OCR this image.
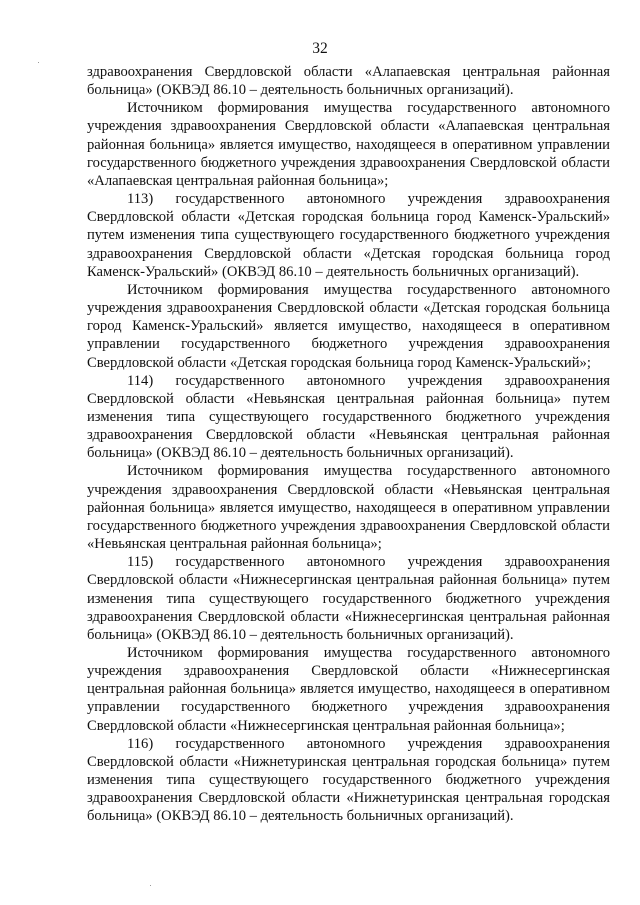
32

здравоохранения Свердловской области «Алапаевская центральная районная больница» (ОКВЭД 86.10 – деятельность больничных организаций).

Источником формирования имущества государственного автономного учреждения здравоохранения Свердловской области «Алапаевская центральная районная больница» является имущество, находящееся в оперативном управлении государственного бюджетного учреждения здравоохранения Свердловской области «Алапаевская центральная районная больница»;

113) государственного автономного учреждения здравоохранения Свердловской области «Детская городская больница город Каменск-Уральский» путем изменения типа существующего государственного бюджетного учреждения здравоохранения Свердловской области «Детская городская больница город Каменск-Уральский» (ОКВЭД 86.10 – деятельность больничных организаций).

Источником формирования имущества государственного автономного учреждения здравоохранения Свердловской области «Детская городская больница город Каменск-Уральский» является имущество, находящееся в оперативном управлении государственного бюджетного учреждения здравоохранения Свердловской области «Детская городская больница город Каменск-Уральский»;

114) государственного автономного учреждения здравоохранения Свердловской области «Невьянская центральная районная больница» путем изменения типа существующего государственного бюджетного учреждения здравоохранения Свердловской области «Невьянская центральная районная больница» (ОКВЭД 86.10 – деятельность больничных организаций).

Источником формирования имущества государственного автономного учреждения здравоохранения Свердловской области «Невьянская центральная районная больница» является имущество, находящееся в оперативном управлении государственного бюджетного учреждения здравоохранения Свердловской области «Невьянская центральная районная больница»;

115) государственного автономного учреждения здравоохранения Свердловской области «Нижнесергинская центральная районная больница» путем изменения типа существующего государственного бюджетного учреждения здравоохранения Свердловской области «Нижнесергинская центральная районная больница» (ОКВЭД 86.10 – деятельность больничных организаций).

Источником формирования имущества государственного автономного учреждения здравоохранения Свердловской области «Нижнесергинская центральная районная больница» является имущество, находящееся в оперативном управлении государственного бюджетного учреждения здравоохранения Свердловской области «Нижнесергинская центральная районная больница»;

116) государственного автономного учреждения здравоохранения Свердловской области «Нижнетуринская центральная городская больница» путем изменения типа существующего государственного бюджетного учреждения здравоохранения Свердловской области «Нижнетуринская центральная городская больница» (ОКВЭД 86.10 – деятельность больничных организаций).
